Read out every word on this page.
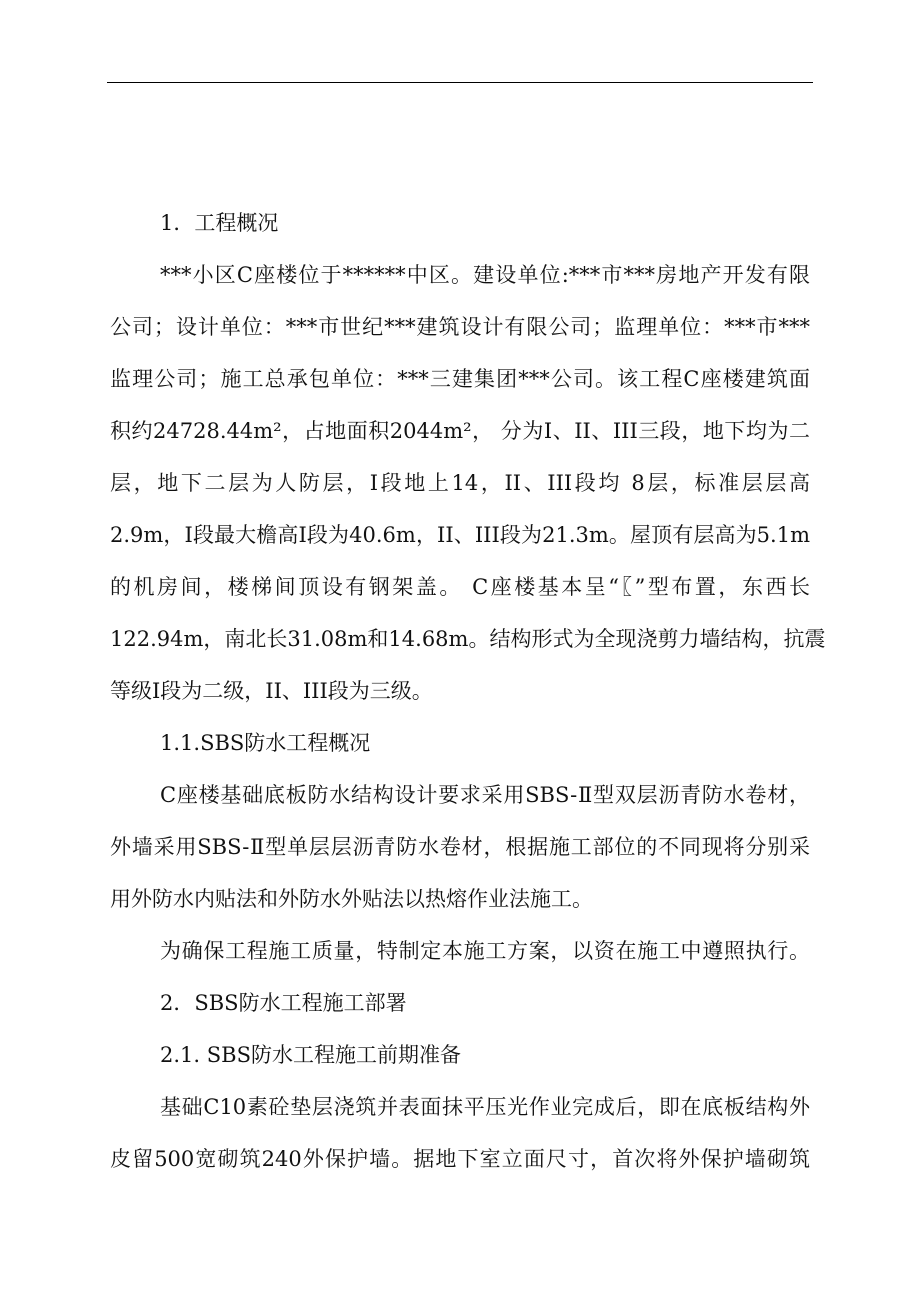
1．工程概况
***小区C座楼位于******中区。建设单位:***市***房地产开发有限
公司；设计单位：***市世纪***建筑设计有限公司；监理单位：***市***
监理公司；施工总承包单位：***三建集团***公司。该工程C座楼建筑面
积约24728.44m²，占地面积2044m²， 分为I、II、III三段，地下均为二
层，地下二层为人防层，I段地上14，II、III段均 8层，标准层层高
2.9m，I段最大檐高I段为40.6m，II、III段为21.3m。屋顶有层高为5.1m
的机房间，楼梯间顶设有钢架盖。 C座楼基本呈“〖”型布置，东西长
122.94m，南北长31.08m和14.68m。结构形式为全现浇剪力墙结构，抗震
等级I段为二级，II、III段为三级。
1.1.SBS防水工程概况
C座楼基础底板防水结构设计要求采用SBS-Ⅱ型双层沥青防水卷材，
外墙采用SBS-Ⅱ型单层层沥青防水卷材，根据施工部位的不同现将分别采
用外防水内贴法和外防水外贴法以热熔作业法施工。
为确保工程施工质量，特制定本施工方案，以资在施工中遵照执行。
2．SBS防水工程施工部署
2.1. SBS防水工程施工前期准备
基础C10素砼垫层浇筑并表面抹平压光作业完成后，即在底板结构外
皮留500宽砌筑240外保护墙。据地下室立面尺寸，首次将外保护墙砌筑
